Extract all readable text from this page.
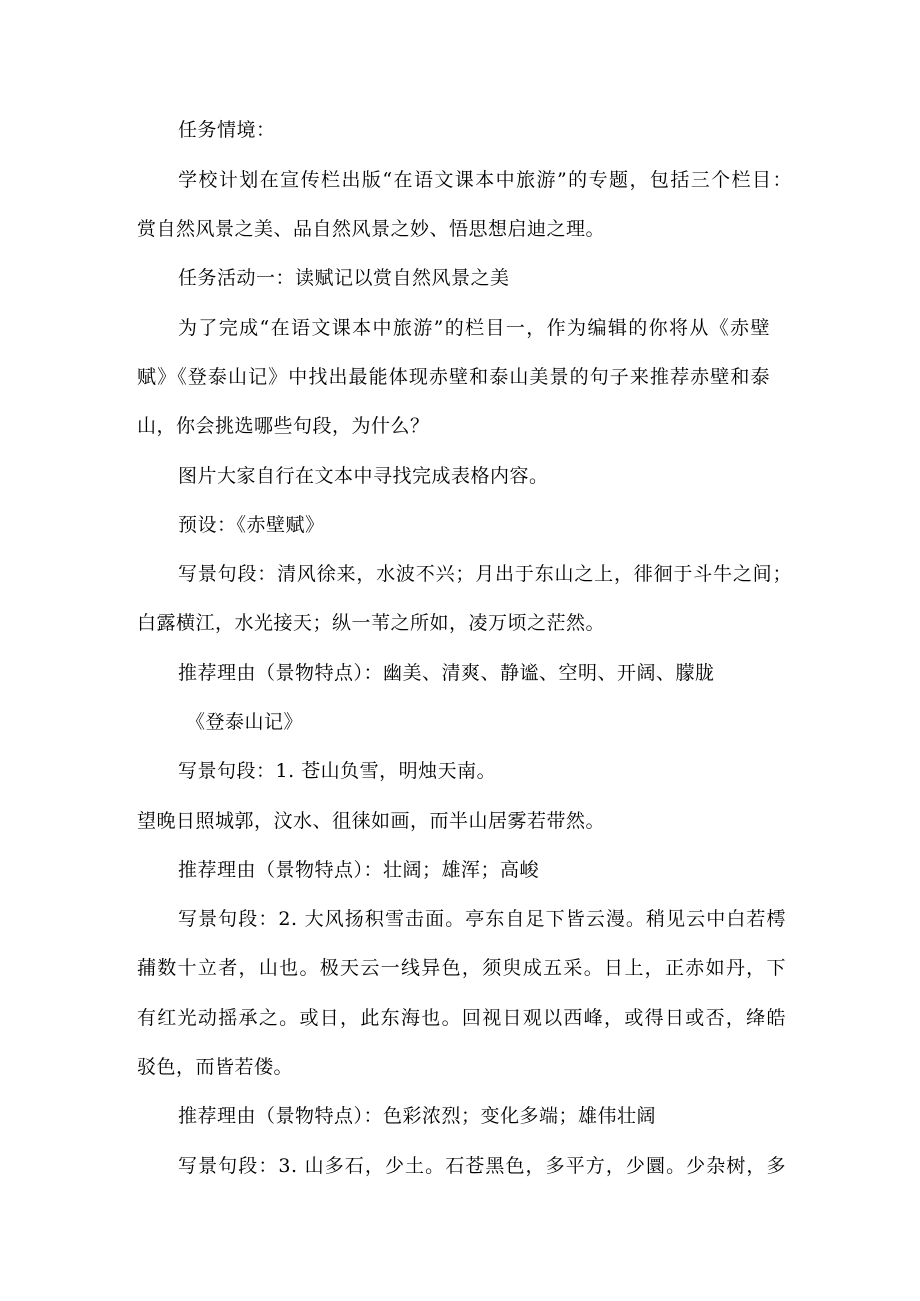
任务情境：
学校计划在宣传栏出版“在语文课本中旅游”的专题，包括三个栏目：
赏自然风景之美、品自然风景之妙、悟思想启迪之理。
任务活动一：读赋记以赏自然风景之美
为了完成“在语文课本中旅游”的栏目一，作为编辑的你将从《赤壁
赋》《登泰山记》中找出最能体现赤壁和泰山美景的句子来推荐赤壁和泰
山，你会挑选哪些句段，为什么？
图片大家自行在文本中寻找完成表格内容。
预设：《赤壁赋》
写景句段：清风徐来，水波不兴；月出于东山之上，徘徊于斗牛之间；
白露横江，水光接天；纵一苇之所如，凌万顷之茫然。
推荐理由（景物特点）：幽美、清爽、静谧、空明、开阔、朦胧
《登泰山记》
写景句段：1. 苍山负雪，明烛天南。
望晚日照城郭，汶水、徂徕如画，而半山居雾若带然。
推荐理由（景物特点）：壮阔；雄浑；高峻
写景句段：2. 大风扬积雪击面。亭东自足下皆云漫。稍见云中白若樗
蒱数十立者，山也。极天云一线异色，须臾成五采。日上，正赤如丹，下
有红光动摇承之。或日，此东海也。回视日观以西峰，或得日或否，绛皓
驳色，而皆若偻。
推荐理由（景物特点）：色彩浓烈；变化多端；雄伟壮阔
写景句段：3. 山多石，少土。石苍黑色，多平方，少圜。少杂树，多
